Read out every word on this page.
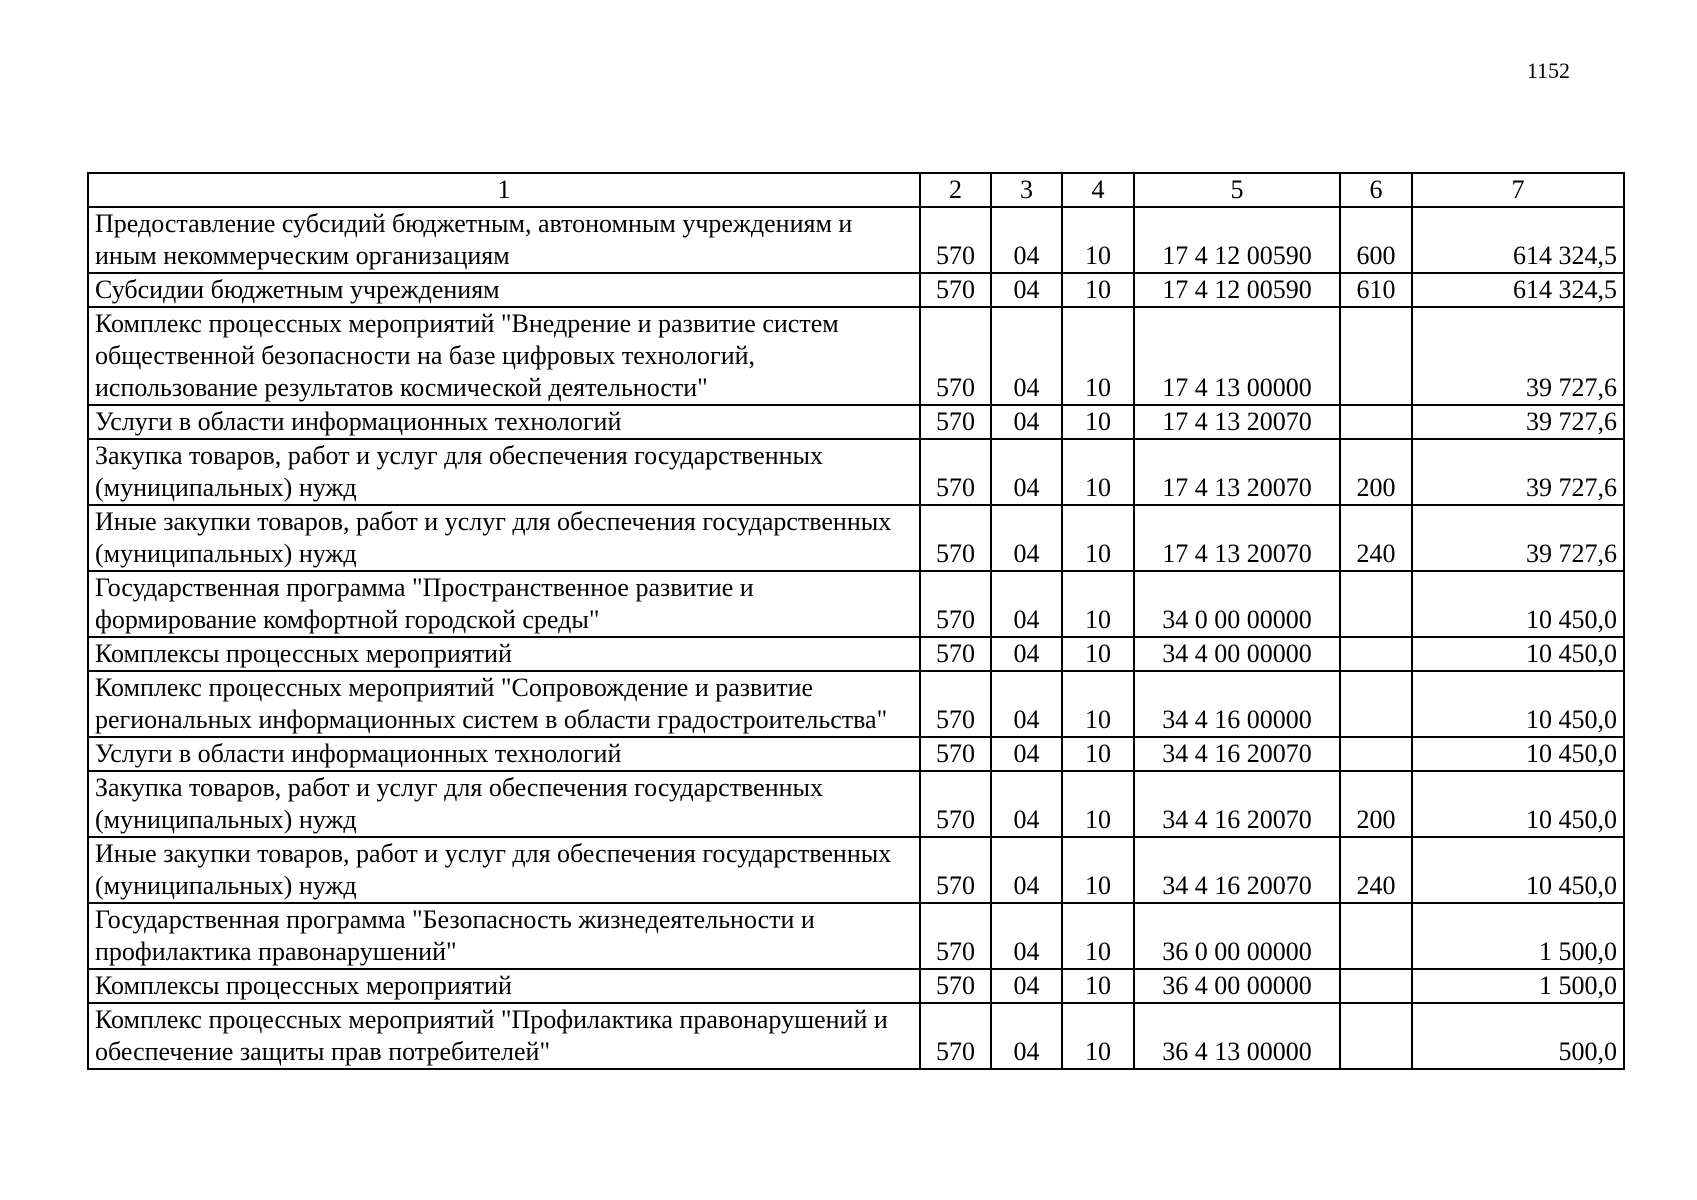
1152
1	2	3	4	5	6	7
Предоставление субсидий бюджетным, автономным учреждениям и иным некоммерческим организациям	570	04	10	17 4 12 00590	600	614 324,5
Субсидии бюджетным учреждениям	570	04	10	17 4 12 00590	610	614 324,5
Комплекс процессных мероприятий "Внедрение и развитие систем общественной безопасности на базе цифровых технологий, использование результатов космической деятельности"	570	04	10	17 4 13 00000		39 727,6
Услуги в области информационных технологий	570	04	10	17 4 13 20070		39 727,6
Закупка товаров, работ и услуг для обеспечения государственных (муниципальных) нужд	570	04	10	17 4 13 20070	200	39 727,6
Иные закупки товаров, работ и услуг для обеспечения государственных (муниципальных) нужд	570	04	10	17 4 13 20070	240	39 727,6
Государственная программа "Пространственное развитие и формирование комфортной городской среды"	570	04	10	34 0 00 00000		10 450,0
Комплексы процессных мероприятий	570	04	10	34 4 00 00000		10 450,0
Комплекс процессных мероприятий "Сопровождение и развитие региональных информационных систем в области градостроительства"	570	04	10	34 4 16 00000		10 450,0
Услуги в области информационных технологий	570	04	10	34 4 16 20070		10 450,0
Закупка товаров, работ и услуг для обеспечения государственных (муниципальных) нужд	570	04	10	34 4 16 20070	200	10 450,0
Иные закупки товаров, работ и услуг для обеспечения государственных (муниципальных) нужд	570	04	10	34 4 16 20070	240	10 450,0
Государственная программа "Безопасность жизнедеятельности и профилактика правонарушений"	570	04	10	36 0 00 00000		1 500,0
Комплексы процессных мероприятий	570	04	10	36 4 00 00000		1 500,0
Комплекс процессных мероприятий "Профилактика правонарушений и обеспечение защиты прав потребителей"	570	04	10	36 4 13 00000		500,0
